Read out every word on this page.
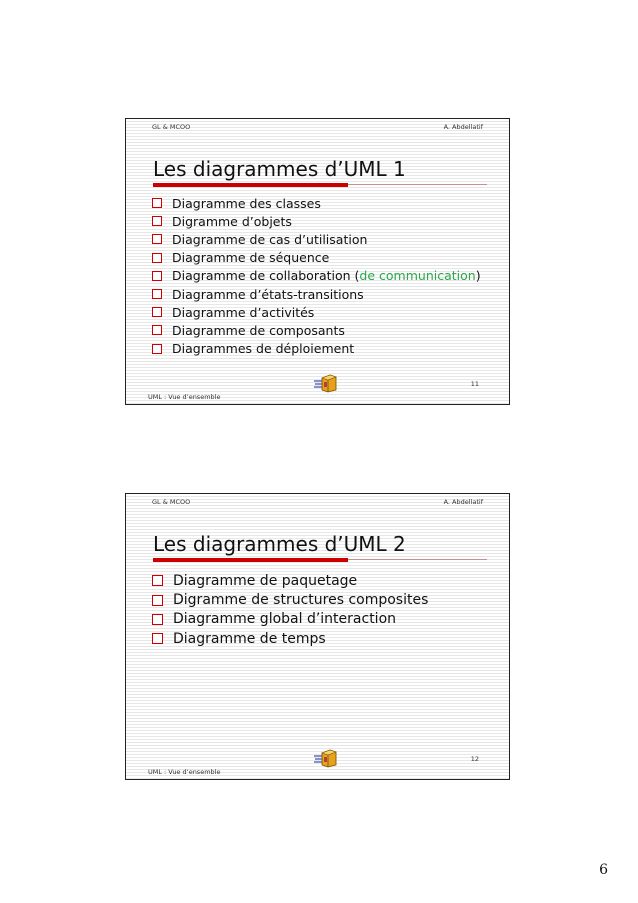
GL & MCOO	A. Abdellatif
Les diagrammes d’UML 1
Diagramme des classes
Digramme d’objets
Diagramme de cas d’utilisation
Diagramme de séquence
Diagramme de collaboration ( de communication )
Diagramme d’états-transitions
Diagramme d’activités
Diagramme de composants
Diagrammes de déploiement
UML : Vue d’ensemble
11
GL & MCOO	A. Abdellatif
Les diagrammes d’UML 2
Diagramme de paquetage
Digramme de structures composites
Diagramme global d’interaction
Diagramme de temps
UML : Vue d’ensemble
12
6
